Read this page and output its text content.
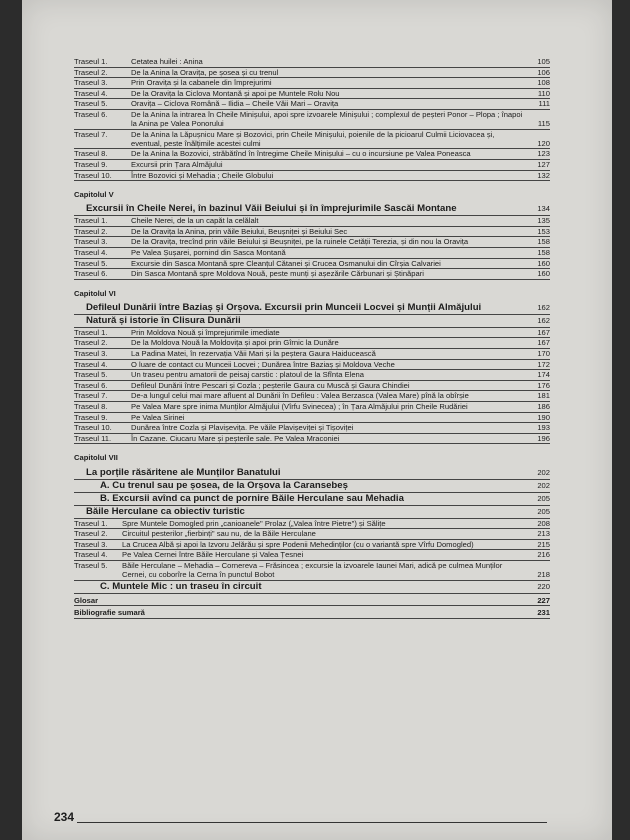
Traseul 1.	Cetatea huilei : Anina	105
Traseul 2.	De la Anina la Oravița, pe șosea și cu trenul	106
Traseul 3.	Prin Oravița și la cabanele din împrejurimi	108
Traseul 4.	De la Oravița la Ciclova Montană și apoi pe Muntele Rolu Nou	110
Traseul 5.	Oravița – Ciclova Română – Ilidia – Cheile Văii Mari – Oravița	111
Traseul 6.	De la Anina la intrarea în Cheile Minișului, apoi spre izvoarele Minișului ; complexul de peșteri Ponor – Plopa ; înapoi la Anina pe Valea Ponorului	115
Traseul 7.	De la Anina la Lăpușnicu Mare și Bozovici, prin Cheile Minișului, poienile de la picioarul Culmii Liciovacea și, eventual, peste înălțimile acestei culmi	120
Traseul 8.	De la Anina la Bozovici, străbătînd în întregime Cheile Minișului – cu o incursiune pe Valea Poneasca	123
Traseul 9.	Excursii prin Țara Almăjului	127
Traseul 10.	Între Bozovici și Mehadia ; Cheile Globului	132
Capitolul V
Excursii în Cheile Nerei, în bazinul Văii Beiului și în împrejurimile Sascăi Montane	134
Traseul 1.	Cheile Nerei, de la un capăt la celălalt	135
Traseul 2.	De la Oravița la Anina, prin văile Beiului, Beușniței și Beiului Sec	153
Traseul 3.	De la Oravița, trecînd prin văile Beiului și Beușniței, pe la ruinele Cetății Terezia, și din nou la Oravița	158
Traseul 4.	Pe Valea Șușarei, pornind din Sasca Montană	158
Traseul 5.	Excursie din Sasca Montană spre Cleanțul Cătanei și Crucea Osmanului din Cîrșia Calvariei	160
Traseul 6.	Din Sasca Montană spre Moldova Nouă, peste munți și așezările Cărbunari și Știnăpari	160
Capitolul VI
Defileul Dunării între Baziaș și Orșova. Excursii prin Munceii Locvei și Munții Almăjului	162
Natură și istorie în Clisura Dunării	162
Traseul 1.	Prin Moldova Nouă și împrejurimile imediate	167
Traseul 2.	De la Moldova Nouă la Moldovița și apoi prin Gîrnic la Dunăre	167
Traseul 3.	La Padina Matei, în rezervația Văii Mari și la peștera Gaura Haiducească	170
Traseul 4.	O luare de contact cu Munceii Locvei ; Dunărea între Baziaș și Moldova Veche	172
Traseul 5.	Un traseu pentru amatorii de peisaj carstic : platoul de la Sfînta Elena	174
Traseul 6.	Defileul Dunării între Pescari și Cozla ; peșterile Gaura cu Muscă și Gaura Chindiei	176
Traseul 7.	De-a lungul celui mai mare afluent al Dunării în Defileu : Valea Berzasca (Valea Mare) pînă la obîrșie	181
Traseul 8.	Pe Valea Mare spre inima Munților Almăjului (Vîrfu Svinecea) ; în Țara Almăjului prin Cheile Rudăriei	186
Traseul 9.	Pe Valea Sirinei	190
Traseul 10.	Dunărea între Cozla și Plavișevița. Pe văile Plavișeviței și Tișoviței	193
Traseul 11.	În Cazane. Ciucaru Mare și peșterile sale. Pe Valea Mraconiei	196
Capitolul VII
La porțile răsăritene ale Munților Banatului	202
A. Cu trenul sau pe șosea, de la Orșova la Caransebeș	202
B. Excursii avînd ca punct de pornire Băile Herculane sau Mehadia	205
Băile Herculane ca obiectiv turistic	205
Traseul 1.	Spre Muntele Domogled prin „canioanele" Prolaz („Valea între Pietre") și Sălițe	208
Traseul 2.	Circuitul pesterilor „fierbinți" sau nu, de la Băile Herculane	213
Traseul 3.	La Crucea Albă și apoi la Izvoru Jelărău și spre Podenii Mehedinților (cu o variantă spre Vîrfu Domogled)	215
Traseul 4.	Pe Valea Cernei între Băile Herculane și Valea Țesnei	216
Traseul 5.	Băile Herculane – Mehadia – Cornereva – Frăsincea ; excursie la izvoarele Iaunei Mari, adică pe culmea Munților Cernei, cu coborîre la Cerna în punctul Bobot	218
C. Muntele Mic : un traseu în circuit	220
Glosar	227
Bibliografie sumară	231
234
